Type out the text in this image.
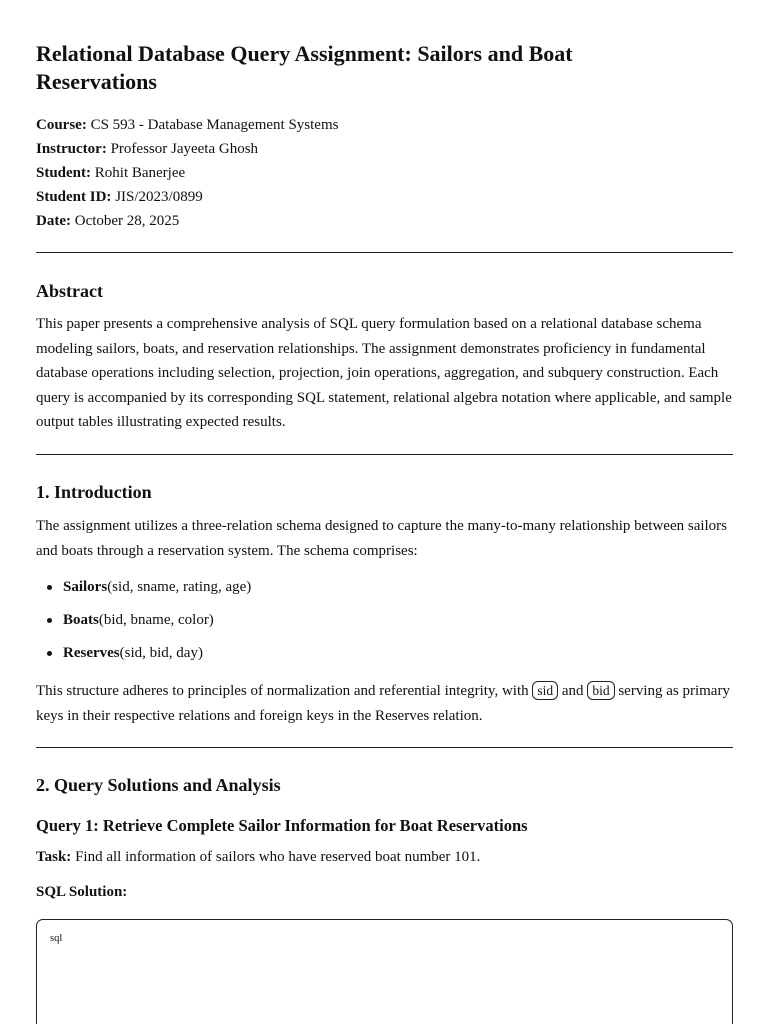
Relational Database Query Assignment: Sailors and Boat Reservations
Course: CS 593 - Database Management Systems
Instructor: Professor Jayeeta Ghosh
Student: Rohit Banerjee
Student ID: JIS/2023/0899
Date: October 28, 2025
Abstract

This paper presents a comprehensive analysis of SQL query formulation based on a relational database schema modeling sailors, boats, and reservation relationships. The assignment demonstrates proficiency in fundamental database operations including selection, projection, join operations, aggregation, and subquery construction. Each query is accompanied by its corresponding SQL statement, relational algebra notation where applicable, and sample output tables illustrating expected results.

1. Introduction

The assignment utilizes a three-relation schema designed to capture the many-to-many relationship between sailors and boats through a reservation system. The schema comprises:

Sailors(sid, sname, rating, age)
Boats(bid, bname, color)
Reserves(sid, bid, day)

This structure adheres to principles of normalization and referential integrity, with sid and bid serving as primary keys in their respective relations and foreign keys in the Reserves relation.

2. Query Solutions and Analysis
Query 1: Retrieve Complete Sailor Information for Boat Reservations

Task: Find all information of sailors who have reserved boat number 101.

SQL Solution:

sql
